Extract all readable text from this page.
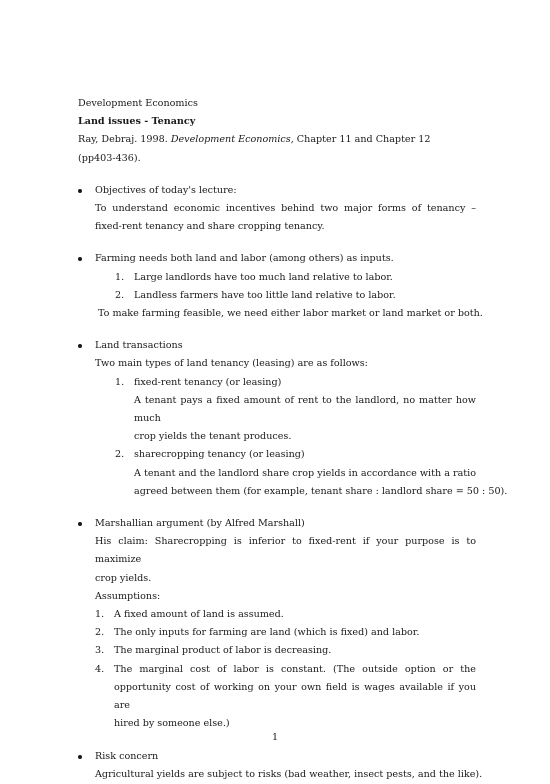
Development Economics
Land issues - Tenancy
Ray, Debraj. 1998. Development Economics, Chapter 11 and Chapter 12
(pp403-436).
Objectives of today's lecture:
To understand economic incentives behind two major forms of tenancy –
fixed-rent tenancy and share cropping tenancy.
Farming needs both land and labor (among others) as inputs.
1. Large landlords have too much land relative to labor.
2. Landless farmers have too little land relative to labor.
To make farming feasible, we need either labor market or land market or both.
Land transactions
Two main types of land tenancy (leasing) are as follows:
1. fixed-rent tenancy (or leasing)
A tenant pays a fixed amount of rent to the landlord, no matter how much
crop yields the tenant produces.
2. sharecropping tenancy (or leasing)
A tenant and the landlord share crop yields in accordance with a ratio
agreed between them (for example, tenant share : landlord share = 50 : 50).
Marshallian argument (by Alfred Marshall)
His claim: Sharecropping is inferior to fixed-rent if your purpose is to maximize
crop yields.
Assumptions:
1. A fixed amount of land is assumed.
2. The only inputs for farming are land (which is fixed) and labor.
3. The marginal product of labor is decreasing.
4. The marginal cost of labor is constant. (The outside option or the
opportunity cost of working on your own field is wages available if you are
hired by someone else.)
Risk concern
Agricultural yields are subject to risks (bad weather, insect pests, and the like).
1
